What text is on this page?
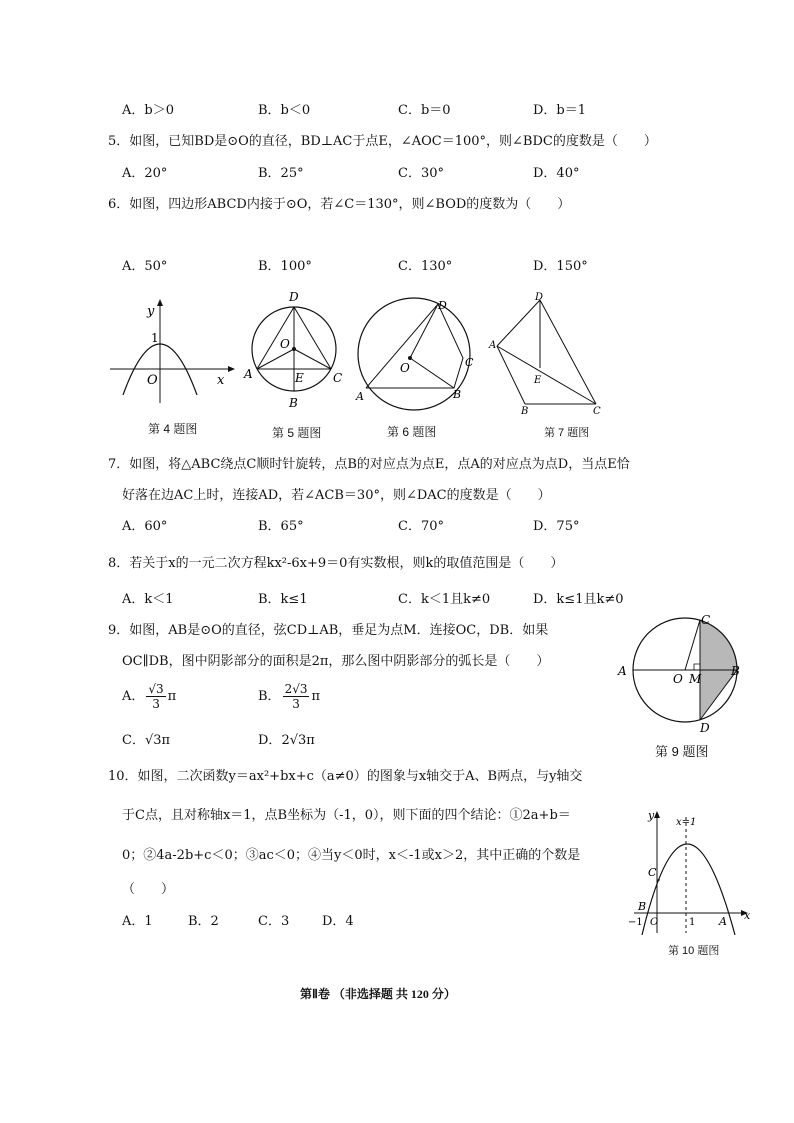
A．b＞0	B．b＜0	C．b＝0	D．b＝1
5．如图，已知BD是⊙O的直径，BD⊥AC于点E，∠AOC＝100°，则∠BDC的度数是（　　）
A．20°	B．25°	C．30°	D．40°
6．如图，四边形ABCD内接于⊙O，若∠C＝130°，则∠BOD的度数为（　　）
A．50°	B．100°	C．130°	D．150°
y
1
O	x
第 4 题图
D
O
A	E C
B
第 5 题图
D
O	C
A	B
第 6 题图
D
A
E
B	C
第 7 题图
7．如图，将△ABC绕点C顺时针旋转，点B的对应点为点E，点A的对应点为点D，当点E恰
好落在边AC上时，连接AD，若∠ACB＝30°，则∠DAC的度数是（　　）
A．60°	B．65°	C．70°	D．75°
8．若关于x的一元二次方程kx²-6x+9＝0有实数根，则k的取值范围是（　　）
A．k＜1	B．k≤1	C．k＜1且k≠0	D．k≤1且k≠0
9．如图，AB是⊙O的直径，弦CD⊥AB，垂足为点M．连接OC，DB．如果
OC∥DB，图中阴影部分的面积是2π，那么图中阴影部分的弧长是（　　）
A． $\frac{√3}{3}$ π	B． $\frac{2√3}{3}$ π
C．√3π	D．2√3π
C
A
O M
B
D
第 9 题图
10．如图，二次函数y＝ax²+bx+c（a≠0）的图象与x轴交于A、B两点，与y轴交
于C点，且对称轴x＝1，点B坐标为（-1，0），则下面的四个结论：①2a+b＝
0；②4a-2b+c＜0；③ac＜0；④当y＜0时，x＜-1或x＞2，其中正确的个数是
（　　）
A．1	B．2	C．3	D．4
y
x=1
C
B
−1 O	1 A x
第 10 题图
第Ⅱ卷 （非选择题 共 120 分）
